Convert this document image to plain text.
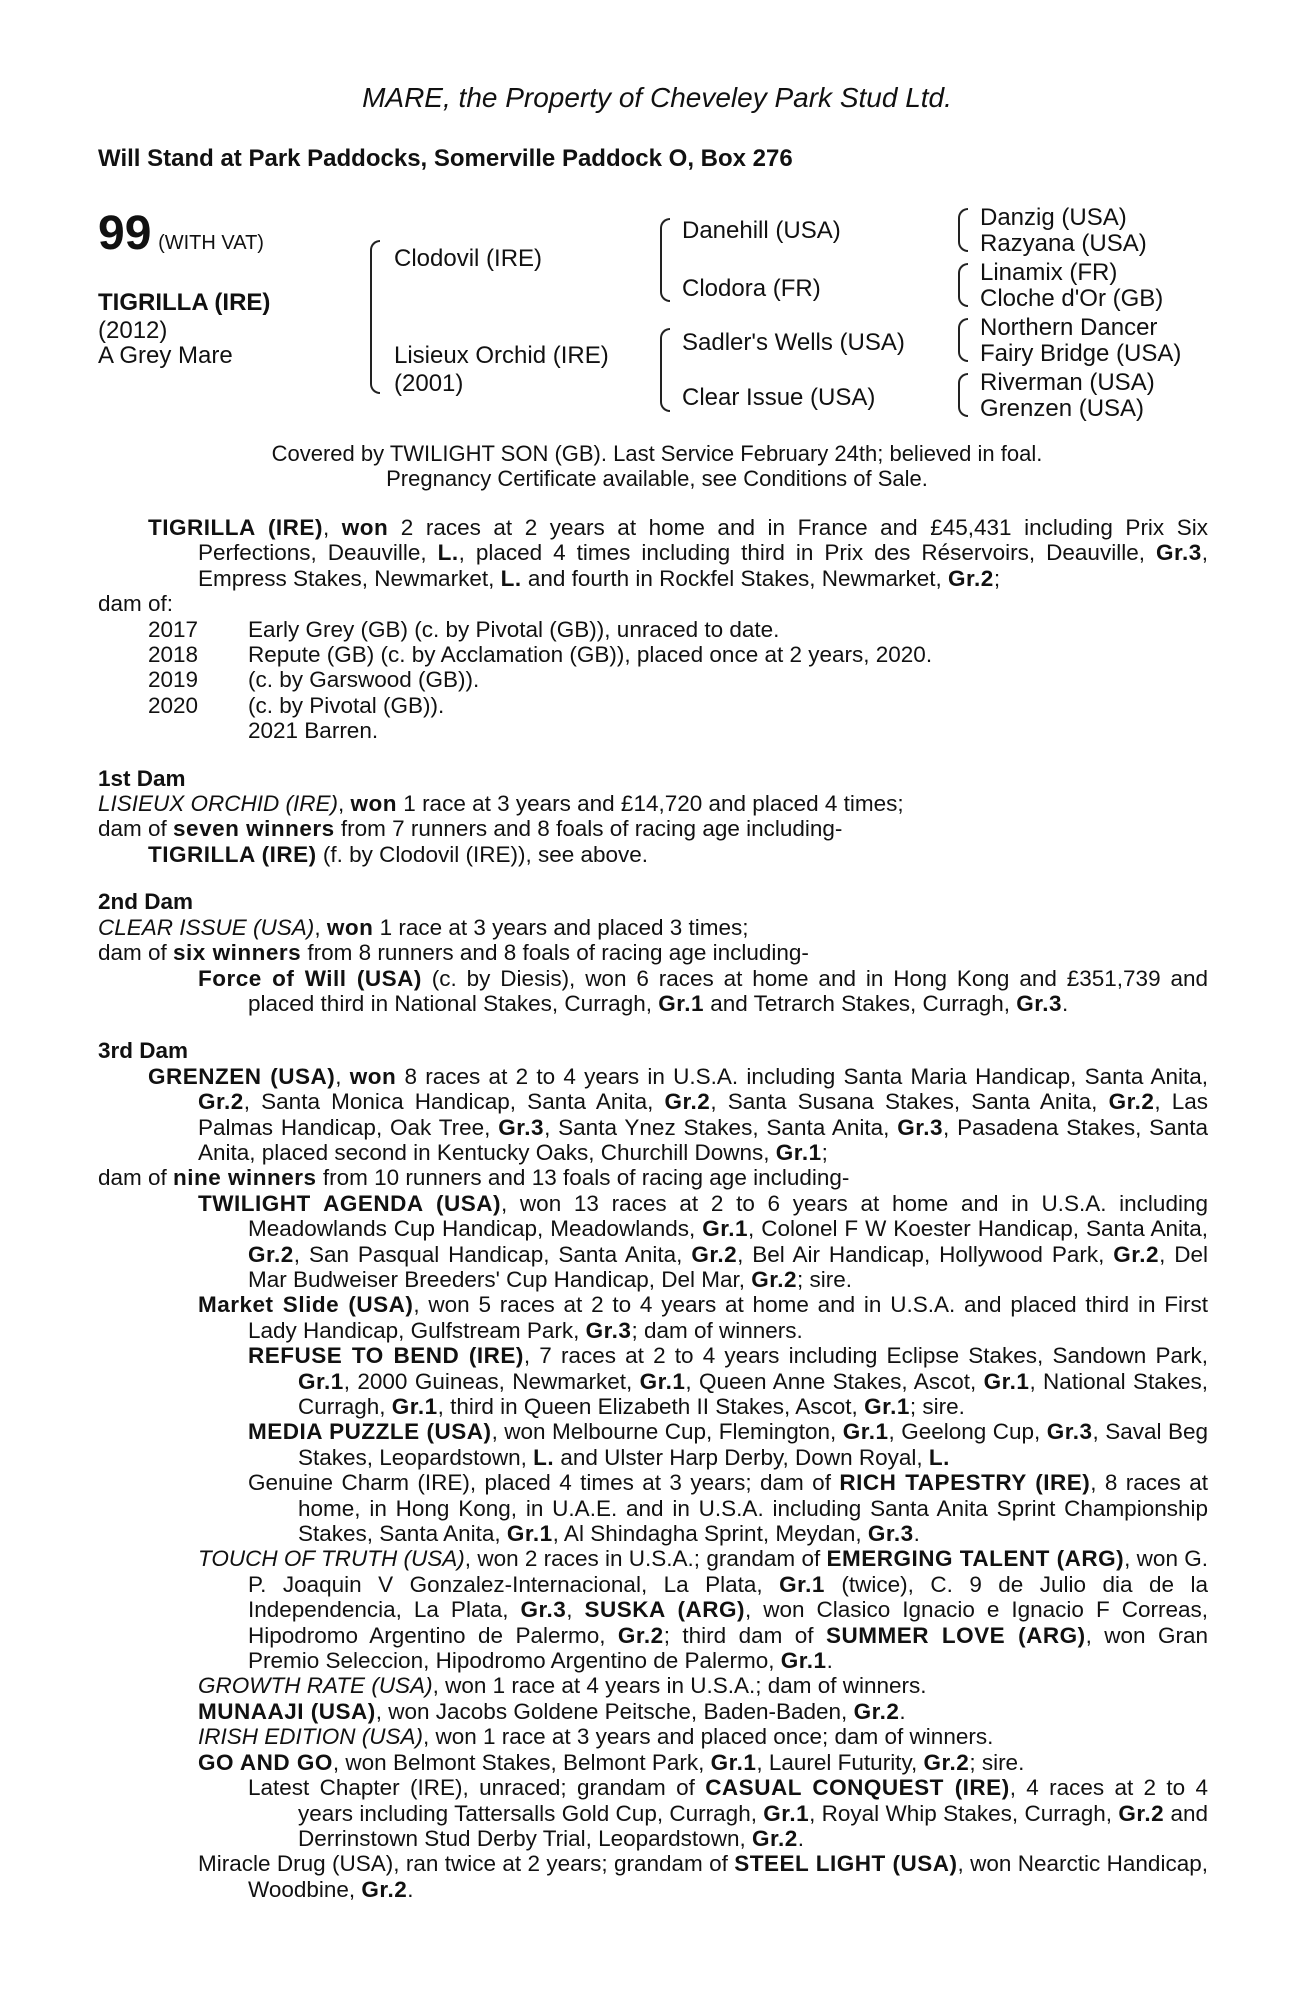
MARE, the Property of Cheveley Park Stud Ltd.
Will Stand at Park Paddocks, Somerville Paddock O, Box 276
99 (WITH VAT)
TIGRILLA (IRE)
(2012)
A Grey Mare
Clodovil (IRE)
Lisieux Orchid (IRE)
(2001)
Danehill (USA)
Clodora (FR)
Sadler's Wells (USA)
Clear Issue (USA)
Danzig (USA)
Razyana (USA)
Linamix (FR)
Cloche d'Or (GB)
Northern Dancer
Fairy Bridge (USA)
Riverman (USA)
Grenzen (USA)
Covered by TWILIGHT SON (GB). Last Service February 24th; believed in foal.
Pregnancy Certificate available, see Conditions of Sale.

TIGRILLA (IRE), won 2 races at 2 years at home and in France and £45,431 including Prix Six Perfections, Deauville, L., placed 4 times including third in Prix des Réservoirs, Deauville, Gr.3, Empress Stakes, Newmarket, L. and fourth in Rockfel Stakes, Newmarket, Gr.2;

dam of:

2017	Early Grey (GB) (c. by Pivotal (GB)), unraced to date.
2018	Repute (GB) (c. by Acclamation (GB)), placed once at 2 years, 2020.
2019	(c. by Garswood (GB)).
2020	(c. by Pivotal (GB)).
2021 Barren.

1st Dam

LISIEUX ORCHID (IRE), won 1 race at 3 years and £14,720 and placed 4 times;

dam of seven winners from 7 runners and 8 foals of racing age including-

TIGRILLA (IRE) (f. by Clodovil (IRE)), see above.

2nd Dam

CLEAR ISSUE (USA), won 1 race at 3 years and placed 3 times;

dam of six winners from 8 runners and 8 foals of racing age including-

Force of Will (USA) (c. by Diesis), won 6 races at home and in Hong Kong and £351,739 and placed third in National Stakes, Curragh, Gr.1 and Tetrarch Stakes, Curragh, Gr.3.

3rd Dam

GRENZEN (USA), won 8 races at 2 to 4 years in U.S.A. including Santa Maria Handicap, Santa Anita, Gr.2, Santa Monica Handicap, Santa Anita, Gr.2, Santa Susana Stakes, Santa Anita, Gr.2, Las Palmas Handicap, Oak Tree, Gr.3, Santa Ynez Stakes, Santa Anita, Gr.3, Pasadena Stakes, Santa Anita, placed second in Kentucky Oaks, Churchill Downs, Gr.1;

dam of nine winners from 10 runners and 13 foals of racing age including-

TWILIGHT AGENDA (USA), won 13 races at 2 to 6 years at home and in U.S.A. including Meadowlands Cup Handicap, Meadowlands, Gr.1, Colonel F W Koester Handicap, Santa Anita, Gr.2, San Pasqual Handicap, Santa Anita, Gr.2, Bel Air Handicap, Hollywood Park, Gr.2, Del Mar Budweiser Breeders' Cup Handicap, Del Mar, Gr.2; sire.

Market Slide (USA), won 5 races at 2 to 4 years at home and in U.S.A. and placed third in First Lady Handicap, Gulfstream Park, Gr.3; dam of winners.

REFUSE TO BEND (IRE), 7 races at 2 to 4 years including Eclipse Stakes, Sandown Park, Gr.1, 2000 Guineas, Newmarket, Gr.1, Queen Anne Stakes, Ascot, Gr.1, National Stakes, Curragh, Gr.1, third in Queen Elizabeth II Stakes, Ascot, Gr.1; sire.

MEDIA PUZZLE (USA), won Melbourne Cup, Flemington, Gr.1, Geelong Cup, Gr.3, Saval Beg Stakes, Leopardstown, L. and Ulster Harp Derby, Down Royal, L.

Genuine Charm (IRE), placed 4 times at 3 years; dam of RICH TAPESTRY (IRE), 8 races at home, in Hong Kong, in U.A.E. and in U.S.A. including Santa Anita Sprint Championship Stakes, Santa Anita, Gr.1, Al Shindagha Sprint, Meydan, Gr.3.

TOUCH OF TRUTH (USA), won 2 races in U.S.A.; grandam of EMERGING TALENT (ARG), won G. P. Joaquin V Gonzalez-Internacional, La Plata, Gr.1 (twice), C. 9 de Julio dia de la Independencia, La Plata, Gr.3, SUSKA (ARG), won Clasico Ignacio e Ignacio F Correas, Hipodromo Argentino de Palermo, Gr.2; third dam of SUMMER LOVE (ARG), won Gran Premio Seleccion, Hipodromo Argentino de Palermo, Gr.1.

GROWTH RATE (USA), won 1 race at 4 years in U.S.A.; dam of winners.

MUNAAJI (USA), won Jacobs Goldene Peitsche, Baden-Baden, Gr.2.

IRISH EDITION (USA), won 1 race at 3 years and placed once; dam of winners.

GO AND GO, won Belmont Stakes, Belmont Park, Gr.1, Laurel Futurity, Gr.2; sire.

Latest Chapter (IRE), unraced; grandam of CASUAL CONQUEST (IRE), 4 races at 2 to 4 years including Tattersalls Gold Cup, Curragh, Gr.1, Royal Whip Stakes, Curragh, Gr.2 and Derrinstown Stud Derby Trial, Leopardstown, Gr.2.

Miracle Drug (USA), ran twice at 2 years; grandam of STEEL LIGHT (USA), won Nearctic Handicap, Woodbine, Gr.2.
